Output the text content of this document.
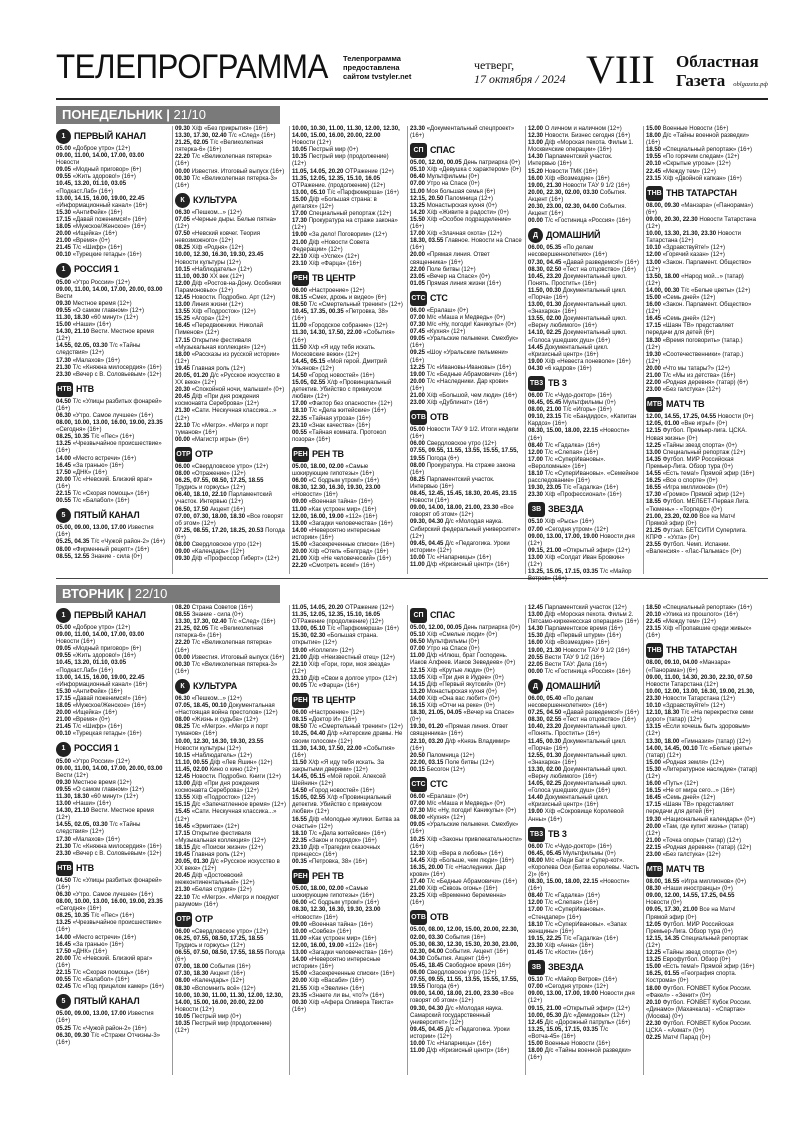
ТЕЛЕПРОГРАММА Телепрограмма предоставлена сайтом tvstyler.net
четверг,
17 октября / 2024 VIII Областная
Газета oblgazeta.рф
ПОНЕДЕЛЬНИК | 21/10
ВТОРНИК | 22/10
1 ПЕРВЫЙ КАНАЛ

05.00 «Доброе утро» (12+)

09.00, 11.00, 14.00, 17.00, 03.00 Новости

09.05 «Модный приговор» (6+)

09.55 «Жить здорово!» (16+)

10.45, 13.20, 01.10, 03.05 «Подкаст.Лаб» (16+)

13.00, 14.15, 16.00, 19.00, 22.45 «Информационный канал» (16+)

15.30 «АнтиФейк» (16+)

17.15 «Давай поженимся!» (16+)

18.05 «Мужское/Женское» (16+)

20.00 «Ищейка» (16+)

21.00 «Время» (0+)

21.45 Т/с «Шифр» (16+)

00.10 «Турецкие гетады» (16+)

1 РОССИЯ 1

05.00 «Утро России» (12+)

09.00, 11.00, 14.00, 17.00, 20.00, 03.00 Вести

09.30 Местное время (12+)

09.55 «О самом главном» (12+)

11.30, 18.30 «60 минут» (12+)

15.00 «Наши» (16+)

14.30, 21.10 Вести. Местное время (12+)

14.55, 02.05, 03.30 Т/с «Тайны следствия» (12+)

17.30 «Малахов» (16+)

21.30 Т/с «Княжна милосердия» (16+)

23.30 «Вечер с В. Соловьевым» (12+)

НТВ НТВ

04.50 Т/с «Улицы разбитых фонарей» (16+)

06.30 «Утро. Самое лучшее» (16+)

08.00, 10.00, 13.00, 16.00, 19.00, 23.35 «Сегодня» (16+)

08.25, 10.35 Т/с «Пес» (16+)

13.25 «Чрезвычайное происшествие» (16+)

14.00 «Место встречи» (16+)

16.45 «За гранью» (16+)

17.50 «ДНК» (16+)

20.00 Т/с «Невский. Близкий враг» (16+)

22.15 Т/с «Скорая помощь» (16+)

00.55 Т/с «Балабол» (16+)

5 ПЯТЫЙ КАНАЛ

05.00, 09.00, 13.00, 17.00 Известия (16+)

05.25, 04.35 Т/с «Чужой район-2» (16+)

08.00 «Фирменный рецепт» (16+)

08.55, 12.55 Знание - сила (0+)

09.30 Х/ф «Без прикрытия» (16+)

13.30, 17.30, 02.40 Т/с «След» (16+)

21.25, 02.05 Т/с «Великолепная пятерка-6» (16+)

22.20 Т/с «Великолепная пятерка» (16+)

00.00 Известия. Итоговый выпуск (16+)

00.30 Т/с «Великолепная пятерка-3» (16+)

К КУЛЬТУРА

06.30 «Пешком...» (12+)

07.05 «Черные дыры. Белые пятна» (12+)

07.50 «Невский ковчег. Теория невозможного» (12+)

08.25 Х/ф «Родня» (12+)

10.00, 12.30, 16.30, 19.30, 23.45 Новости культуры (12+)

10.15 «Наблюдатель» (12+)

11.10, 00.30 XX век (12+)

12.00 Д/ф «Ростов-на-Дону. Особняки Парамоновых» (12+)

12.45 Новости. Подробно. Арт (12+)

13.00 Линия жизни (12+)

13.55 Х/ф «Подросток» (12+)

15.25 «Агора» (12+)

16.45 «Передвижники. Николай Пименов» (12+)

17.15 Открытие фестиваля «Музыкальная коллекция» (12+)

18.00 «Рассказы из русской истории» (12+)

19.45 Главная роль (12+)

20.05, 01.20 Д/с «Русское искусство в XX веке» (12+)

20.30 «Спокойной ночи, малыши!» (0+)

20.45 Д/ф «При дня рождения космонавта Сереброва» (12+)

21.30 «Сати. Нескучная классика...» (12+)

22.10 Т/с «Мегрэ». «Мегрэ и порт туманов» (16+)

00.00 «Магистр игры» (6+)

ОТР ОТР

06.00 «Свердловское утро» (12+)

08.00 «Отражение» (12+)

06.25, 07.55, 08.50, 17.25, 18.55 Трудись и горжусь» (12+)

06.40, 18.10, 22.10 Парламентский участок. Интервью (12+)

06.50, 17.50 Акцент (16+)

07.00, 07.30, 18.00, 18.30 «Все говорят об этом» (12+)

07.25, 08.55, 17.20, 18.25, 20.53 Погода (6+)

08.00 Свердловское утро (12+)

09.00 «Календарь» (12+)

09.30 Д/ф «Профессор Гиберт» (12+)

10.00, 10.30, 11.00, 11.30, 12.00, 12.30, 14.00, 15.00, 16.00, 20.00, 22.00 Новости (12+)

10.05 Пестрый мир (0+)

10.35 Пестрый мир (продолжение) (12+)

11.05, 14.05, 20.20 ОТРажение (12+)

11.35, 12.05, 12.35, 15.10, 16.05 ОТРажение. (продолжение) (12+)

13.00, 05.10 Т/с «Парфюмерша» (16+)

15.00 Д/ф «Большая страна: в деталях» (12+)

17.00 Специальный репортаж (12+)

17.30 Прокуратура на страже закона» (12+)

19.00 «За дело! Поговорим» (12+)

21.00 Д/ф «Новости Совета Федерации» (12+)

22.10 Х/ф «Успех» (12+)

23.10 Х/ф «Фарца» (16+)

РЕН ТВ ЦЕНТР

06.00 «Настроение» (12+)

08.15 «Смех, дрожь и видео» (6+)

08.50 Т/с «Смертельный тренинг» (12+)

10.45, 17.35, 00.35 «Петровка, 38» (16+)

11.00 «Городское собрание» (12+)

11.30, 14.30, 17.50, 22.00 «События» (16+)

11.50 Х/ф «Я иду тебя искать. Московские вежи» (12+)

14.45, 05.15 «Мой герой. Дмитрий Ульянов» (12+)

14.50 «Город новостей» (16+)

15.05, 02.55 Х/ф «Провинциальный детектив. Убийство с привкусом любви» (12+)

17.00 «Фактор без опасности» (12+)

18.10 Т/с «Дела житейские» (16+)

22.35 «Тайная угроза» (16+)

23.10 «Знак качества» (16+)

00.55 «Тайная комната. Протокол позора» (16+)

РЕН РЕН ТВ

05.00, 18.00, 02.00 «Самые шокирующие гипотезы» (16+)

06.00 «С бодрым утром!» (16+)

08.30, 12.30, 16.30, 19.30, 23.00 «Новости» (16+)

09.00 «Военная тайна» (16+)

11.00 «Как устроен мир» (16+)

12.00, 16.00, 19.00 «112» (16+)

13.00 «Загадки человечества» (16+)

14.00 «Невероятно интересные истории» (16+)

15.00 «Засекреченные списки» (16+)

20.00 Х/ф «Отель «Белград» (16+)

21.00 Х/ф «Не человеческий» (16+)

22.20 «Смотреть всем!» (16+)

23.30 «Документальный спецпроект» (16+)

СП СПАС

05.00, 12.00, 00.05 День патриарха (0+)

05.10 Х/ф «Девушка с характером» (0+)

06.40 Мультфильмы (0+)

07.00 Утро на Спасе (0+)

11.00 Моя большая семья (6+)

12.15, 20.50 Паломница (12+)

13.25 Монастырская кухня (0+)

14.20 Х/ф «Живите в радости» (0+)

15.50 Х/ф «Особое подразделение» (16+)

17.00 Х/ф «Злачная охота» (12+)

18.30, 03.55 Главное. Новости на Спасе (16+)

20.00 «Прямая линия. Ответ священника» (16+)

22.00 Поле битвы (12+)

23.05 «Вечер на Спасе» (0+)

01.05 Прямая линия жизни (16+)

СТС СТС

06.00 «Ералаш» (0+)

07.00 М/с «Маша и Медведь» (0+)

07.30 М/с «Ну, погоди! Каникулы» (0+)

07.45 «Кухня» (12+)

09.05 «Уральские пельмени. Смехбук» (16+)

09.25 «Шоу «Уральские пельмени» (16+)

12.25 Т/с «Ивановы-Ивановы» (16+)

19.00 Т/с «Бедные Абрамовичи» (16+)

20.00 Т/с «Наследники. Дар крови» (16+)

21.00 Х/ф «Большой, чем люди» (16+)

23.00 Х/ф «Дублинат» (16+)

ОТВ ОТВ

05.00 Новости ТАУ 9 1/2. Итоги недели (16+)

06.00 Свердловское утро (12+)

07.55, 09.55, 11.55, 13.55, 15.55, 17.55, 19.55 Погода (6+)

08.00 Прокуратура. На страже закона (16+)

08.25 Парламентский участок. Интервью (16+)

08.45, 12.45, 15.45, 18.30, 20.45, 23.15 Новости (16+)

09.00, 14.00, 18.00, 21.00, 23.30 «Все говорят об этом» (12+)

09.30, 04.30 Д/с «Молодая наука. Сибирский федеральный университет» (12+)

09.45, 04.45 Д/с «Педагогика. Уроки истории» (12+)

10.00 Т/с «Напарницы» (16+)

11.00 Д/ф «Кризисный центр» (16+)

12.00 О личном и наличном (12+)

12.30 Новости. Бизнес сегодня (16+)

13.00 Д/ф «Морская пехота. Фильм 1. Москвичские операции» (16+)

14.30 Парламентский участок. Интервью (16+)

15.20 Новости ТМК (16+)

16.00 Х/ф «Возмездие» (16+)

19.00, 21.30 Новости ТАУ 9 1/2 (16+)

20.00, 22.30, 02.00, 03.30 События. Акцент (16+)

20.30, 23.00, 02.30, 04.00 События. Акцент (16+)

00.00 Т/с «Гостиница «Россия» (16+)

Д ДОМАШНИЙ

06.00, 05.35 «По делам несовершеннолетних» (16+)

07.30, 04.45 «Давай разведемся!» (16+)

08.30, 02.50 «Тест на отцовство» (16+)

10.45, 23.20 Документальный цикл. Понять. Простить» (16+)

11.50, 00.30 Документальный цикл. «Порча» (16+)

13.00, 01.30 Документальный цикл. «Знахарка» (16+)

13.55, 02.00 Документальный цикл. «Верну любимого» (16+)

14.10, 02.25 Документальный цикл. «Голоса ушедших душ» (16+)

14.45 Документальный цикл. «Кризисный центр» (16+)

19.00 Х/ф «Невеста поневоле» (16+)

04.30 «6 кадров» (16+)

ТВ3 ТВ 3

06.00 Т/с «Чудо-доктор» (16+)

06.45, 05.45 Мультфильмы (0+)

08.00, 21.00 Т/с «Игорь» (16+)

09.10, 23.15 Т/с «Бандидос», «Капитан Кардоз» (16+)

08.30, 15.00, 18.00, 22.15 «Новости» (16+)

08.40 Т/с «Гадалка» (16+)

12.00 Т/с «Слепая» (16+)

17.00 Т/с «СуперИвановы». «Вероломные» (16+)

18.10 Т/с «СуперИвановы». «Семейное расследование» (16+)

19.30, 23.05 Т/с «Гадалка» (16+)

23.30 Х/ф «Профессионал» (16+)

ЗВ ЗВЕЗДА

05.10 Х/ф «Рысь» (16+)

07.00 «Сегодня утром» (12+)

09.00, 13.00, 17.00, 19.00 Новости дня (12+)

09.15, 21.00 «Открытый эфир» (12+)

13.00 Х/ф «Солдат Иван Бровкин» (12+)

13.25, 15.05, 17.15, 03.35 Т/с «Майор Ветров» (16+)

15.00 Военные Новости (16+)

18.00 Д/с «Тайны военной разведки» (16+)

18.50 «Специальный репортаж» (16+)

19.55 «По горячим следам» (12+)

20.10 «Скрытые угрозы» (12+)

22.45 «Между тем» (12+)

23.15 Х/ф «Двойной капкан» (16+)

ТНВ ТНВ ТАТАРСТАН

08.00, 09.30 «Манзара» («Панорама») (6+)

09.00, 20.30, 22.30 Новости Татарстана (12+)

10.00, 13.30, 21.30, 23.30 Новости Татарстана (12+)

10.10 «Здравствуйте!» (12+)

12.00 «Горячий казан» (12+)

13.00 «Закон. Парламент. Общество» (12+)

13.50, 18.00 «Народ мой...» (татар) (12+)

14.00, 00.30 Т/с «Белые цветы» (12+)

15.00 «Семь дней» (12+)

16.00 «Закон. Парламент. Общество» (12+)

16.45 «Семь дней» (12+)

17.15 «Шаян ТВ» представляет передачи для детей (6+)

18.30 «Время поговорить» (татар.) (12+)

19.30 «Соотечественники» (татар.) (12+)

20.00 «Что мы татары?» (12+)

21.00 Т/с «Мы из детства» (16+)

22.00 «Родная деревня» (татар) (6+)

23.00 «Без галстука» (12+)

МТВ МАТЧ ТВ

12.00, 14.55, 17.25, 04.55 Новости (0+)

12.05, 01.00 «Вне игры!» (0+)

12.15 Футбол. Премьер-лига. ЦСКА. Новая жизнь» (0+)

12.25 «Тайны звезд спорта» (0+)

13.00 Специальный репортаж (12+)

14.35 Футбол. МИР Российская Премьер-Лига. Обзор тура (0+)

14.55 «Есть тема!» Прямой эфир (16+)

16.25 «Все о спорте» (0+)

16.55 «Игра миллионов» (0+)

17.30 «Громко» Прямой эфир (12+)

18.55 Футбол. МЕЛБЕТ-Первая Лига. «Тюмень» - «Торпедо» (0+)

21.00, 23.20, 02.00 Все на Матч! Прямой эфир (0+)

21.25 Футзал. БЕТСИТИ Суперлига. КПРФ - «Ухта» (0+)

23.55 Футбол. Чемп. Испании. «Валенсия» - «Лас-Пальмас» (0+)

1 ПЕРВЫЙ КАНАЛ

05.00 «Доброе утро» (12+)

09.00, 11.00, 14.00, 17.00, 03.00 Новости (16+)

09.05 «Модный приговор» (6+)

09.55 «Жить здорово!» (16+)

10.45, 13.20, 01.10, 03.05 «Подкаст.Лаб» (16+)

13.00, 14.15, 16.00, 19.00, 22.45 «Информационный канал» (16+)

15.30 «АнтиФейк» (16+)

17.15 «Давай поженимся!» (16+)

18.05 «Мужское/Женское» (16+)

20.00 «Ищейка» (16+)

21.00 «Время» (0+)

21.45 Т/с «Шифр» (16+)

00.10 «Турецкая гетады» (16+)

1 РОССИЯ 1

05.00 «Утро России» (12+)

09.00, 11.00, 14.00, 17.00, 20.00, 03.00 Вести (12+)

09.30 Местное время (12+)

09.55 «О самом главном» (12+)

11.30, 18.30 «60 минут» (12+)

13.00 «Наши» (16+)

14.30, 21.10 Вести. Местное время (12+)

14.55, 02.05, 03.30 Т/с «Тайны следствия» (12+)

17.30 «Малахов» (16+)

21.30 Т/с «Княжна милосердия» (16+)

23.30 «Вечер с В. Соловьевым» (12+)

НТВ НТВ

04.50 Т/с «Улицы разбитых фонарей» (16+)

06.30 «Утро. Самое лучшее» (16+)

08.00, 10.00, 13.00, 16.00, 19.00, 23.35 «Сегодня» (16+)

08.25, 10.35 Т/с «Пес» (16+)

13.25 «Чрезвычайное происшествие» (16+)

14.00 «Место встречи» (16+)

16.45 «За гранью» (16+)

17.50 «ДНК» (16+)

20.00 Т/с «Невский. Близкий враг» (16+)

22.15 Т/с «Скорая помощь» (16+)

00.55 Т/с «Балабол» (16+)

02.45 Т/с «Под прицелом камер» (16+)

5 ПЯТЫЙ КАНАЛ

05.00, 09.00, 13.00, 17.00 Известия (16+)

05.25 Т/с «Чужой район-2» (16+)

06.30, 09.30 Т/с «Стражи Отчизны-3» (16+)

08.20 Страна Советов (16+)

08.55 Знание - сила (0+)

13.30, 17.30, 02.40 Т/с «След» (16+)

21.25, 02.05 Т/с «Великолепная пятерка-6» (16+)

22.20 Т/с «Великолепная пятерка» (16+)

00.00 Известия. Итоговый выпуск (16+)

00.30 Т/с «Великолепная пятерка-3» (16+)

К КУЛЬТУРА

06.30 «Пешком...» (12+)

07.05, 18.45, 00.10 Документальная «Настоящая война престолов» (12+)

08.00 «Жизнь и судьба» (12+)

08.25 Т/с «Мегрэ». «Мегрэ и порт туманов» (16+)

10.00, 12.30, 16.30, 19.30, 23.55 Новости культуры (12+)

10.15 «Наблюдатель» (12+)

11.10, 00.55 Д/ф «Лев Яшин» (12+)

11.45, 02.00 Кино о кино (12+)

12.45 Новости. Подробно. Книги (12+)

13.00 Д/ф «При дня рождения космонавта Сереброва» (12+)

13.55 Х/ф «Подросток» (12+)

15.15 Д/с «Запечатленное время» (12+)

15.45 «Сати. Нескучная классика...» (12+)

16.45 «Эрмитаж» (12+)

17.15 Открытие фестиваля «Музыкальная коллекция» (12+)

18.15 Д/с «Поиски жизни» (12+)

19.45 Главная роль (12+)

20.05, 01.30 Д/с «Русское искусство в XX веке» (12+)

20.45 Д/ф «Достоевский межконтинентальный» (12+)

21.30 «Белая студия» (12+)

22.10 Т/с «Мегрэ». «Мегрэ и поедуют разумом» (16+)

ОТР ОТР

06.00 «Свердловское утро» (12+)

06.25, 07.55, 08.50, 17.25, 18.55 Трудись и горжусь» (12+)

06.55, 07.50, 08.50, 17.55, 18.55 Погода (6+)

07.00, 18.00 События (16+)

07.30, 18.30 Акцент (16+)

08.00 «Календарь» (12+)

08.30 «Вспомнить всё» (12+)

10.00, 10.30, 11.00, 11.30, 12.00, 12.30, 14.00, 15.00, 16.00, 20.00, 22.00 Новости (12+)

10.05 Пестрый мир (0+)

10.35 Пестрый мир (продолжение) (12+)

11.05, 14.05, 20.20 ОТРажение (12+)

11.35, 12.05, 12.35, 15.10, 16.05 ОТРажение (продолжение) (12+)

13.00, 05.10 Т/с «Парфюмерша» (16+)

15.30, 02.30 «Большая страна. открытие» (12+)

19.00 «Коллеги» (12+)

21.00 Д/ф «Неизвестный отец» (12+)

22.10 Х/ф «Гори, гори, моя звезда» (12+)

23.10 Д/ф «Свои в долгое утро» (12+)

00.05 Т/с «Фарца» (16+)

РЕН ТВ ЦЕНТР

06.00 «Настроение» (12+)

08.15 «Доктор И» (16+)

08.50 Т/с «Смертельный тренинг» (12+)

10.25, 04.40 Д/ф «Актерские драмы. Не своим голосом» (12+)

11.30, 14.30, 17.50, 22.00 «События» (16+)

11.50 Х/ф «Я иду тебя искать. За закрытыми дверями» (12+)

14.45, 05.15 «Мой герой. Алексей Шейнин» (12+)

14.50 «Город новостей» (16+)

15.05, 02.55 Х/ф «Провинциальный детектив. Убийство с привкусом любви» (12+)

16.55 Д/ф «Молодые жулики. Битва за счастье» (12+)

18.10 Т/с «Дела житейские» (16+)

22.35 «Закон и порядок» (16+)

23.10 Д/ф «Трагедии сказочных принцесс» (16+)

00.35 «Петровка, 38» (16+)

РЕН РЕН ТВ

05.00, 18.00, 02.00 «Самые шокирующие гипотезы» (16+)

06.00 «С бодрым утром!» (16+)

08.30, 12.30, 16.30, 19.30, 23.00 «Новости» (16+)

09.00 «Военная тайна» (16+)

10.00 «Совбез» (16+)

11.00 «Как устроен мир» (16+)

12.00, 16.00, 19.00 «112» (16+)

13.00 «Загадки человечества» (16+)

14.00 «Невероятно интересные истории» (16+)

15.00 «Засекреченные списки» (16+)

20.00 Х/ф «Васаби» (16+)

21.55 Х/ф «Эвелин» (16+)

23.35 «Знаете ли вы, что?» (16+)

00.30 Х/ф «Афера Оливера Твиста» (16+)

СП СПАС

05.00, 12.00, 00.05 День патриарха (0+)

05.10 Х/ф «Смелые люди» (0+)

06.50 Мультфильмы (0+)

07.00 Утро на Спасе (0+)

11.00 Д/ф «Илюш, брат Господень. Иаков Алфеев. Иаков Зеведеев» (0+)

12.15 Х/ф «Крутые люди» (0+)

13.05 Х/ф «Три дня в Иудее» (0+)

14.15 Д/ф «Первый якутский» (0+)

13.20 Монастырская кухня (0+)

14.00 Х/ф «Она вас любит» (0+)

16.15 Х/ф «Отчи на реке» (0+)

18.30, 21.05, 04.05 «Вечер на Спасе» (0+)

19.30, 01.20 «Прямая линия. Ответ священника» (16+)

22.10, 03.20 Д/ф «Князь Владимир» (16+)

20.50 Паломница (12+)

22.00, 03.15 Поле битвы (12+)

00.15 Бесогон (12+)

СТС СТС

06.00 «Ералаш» (0+)

07.00 М/с «Маша и Медведь» (0+)

07.30 М/с «Ну, погоди! Каникулы» (0+)

08.00 «Кухня» (12+)

09.05 «Уральские пельмени. Смехбук» (16+)

10.25 Х/ф «Законы привлекательности» (16+)

12.30 Х/ф «Вера в любовь» (16+)

14.45 Х/ф «Больше, чем люди» (16+)

16.35, 20.00 Т/с «Наследники. Дар крови» (16+)

17.40 Т/с «Бедные Абрамовичи» (16+)

21.00 Х/ф «Сквозь огонь» (16+)

23.25 Х/ф «Временно беременна» (16+)

ОТВ ОТВ

05.00, 08.00, 12.00, 15.00, 20.00, 22.30, 02.00, 03.30 События (16+)

05.30, 08.30, 12.30, 15.30, 20.30, 23.00, 02.30, 04.00 События. Акцент (16+)

04.30 События. Акцент (16+)

05.45, 18.45 Свободное время (16+)

06.00 Свердловское утро (12+)

07.55, 09.55, 11.55, 13.55, 15.55, 17.55, 19.55 Погода (6+)

09.00, 14.00, 18.00, 21.00, 23.30 «Все говорят об этом» (12+)

09.30, 04.30 Д/с «Молодая наука. Самарский государственный университет» (12+)

09.45, 04.45 Д/с «Педагогика. Уроки истории» (12+)

10.00 Т/с «Напарницы» (16+)

11.00 Д/ф «Кризисный центр» (16+)

12.45 Парламентский участок (12+)

13.00 Д/ф «Морская пехота. Фильм 2. Пятсамо-киркенесская операция» (16+)

14.30 Парламентское время (16+)

15.30 Д/ф «Первый штурм» (16+)

16.00 Х/ф «Возмездие» (16+)

19.00, 21.30 Новости ТАУ 9 1/2 (16+)

20.55 Вести ТАУ 9 1/2 (16+)

22.05 Вести ТАУ: Дела (16+)

00.00 Т/с «Гостиница «Россия» (16+)

Д ДОМАШНИЙ

06.00, 05.40 «По делам несовершеннолетних» (16+)

07.25, 04.50 «Давай разведемся!» (16+)

08.30, 02.55 «Тест на отцовство» (16+)

10.40, 23.20 Документальный цикл. «Понять. Простить» (16+)

11.45, 00.30 Документальный цикл. «Порча» (16+)

12.55, 01.30 Документальный цикл. «Знахарка» (16+)

13.30, 02.00 Документальный цикл. «Верну любимого» (16+)

14.05, 02.25 Документальный цикл. «Голоса ушедших душ» (16+)

14.40 Документальный цикл. «Кризисный центр» (16+)

19.00 Х/ф «Сокровище Королевой Анны» (16+)

ТВ3 ТВ 3

06.00 Т/с «Чудо-доктор» (16+)

06.45, 05.45 Мультфильмы (0+)

08.00 М/с «Леди Баг и Супер-кот». «Королева Оси (Битва королевы. Часть 2)» (6+)

08.30, 15.00, 18.00, 22.15 «Новости» (16+)

08.40 Т/с «Гадалка» (16+)

12.00 Т/с «Слепая» (16+)

17.00 Т/с «СуперИвановы». «Стендапер» (16+)

18.10 Т/с «СуперИвановы». «Запах женщины» (16+)

19.15, 22.25 Т/с «Гадалка» (16+)

23.30 Х/ф «Анна» (16+)

01.45 Т/с «Кости» (16+)

ЗВ ЗВЕЗДА

05.10 Т/с «Майор Ветров» (16+)

07.00 «Сегодня утром» (12+)

09.00, 13.00, 17.00, 19.00 Новости дня (12+)

09.15, 21.00 «Открытый эфир» (12+)

10.00, 05.30 Д/с «Демидовы» (12+)

12.45 Д/с «Дорожный патруль» (16+)

13.25, 15.05, 17.15, 03.35 Т/с «Вотча-45» (16+)

15.00 Военные Новости (16+)

18.00 Д/с «Тайны военной разведки» (16+)

18.50 «Специальный репортаж» (16+)

20.10 «Улика из прошлого» (16+)

22.45 «Между тем» (12+)

23.15 Х/ф «Пропавшие среди живых» (16+)

ТНВ ТНВ ТАТАРСТАН

08.00, 09.10, 04.00 «Манзара» («Панорама») (6+)

09.00, 11.00, 14.30, 20.30, 22.30, 07.50 Новости Татарстана (12+)

10.00, 12.00, 13.00, 16.30, 19.00, 21.30, 23.30 Новости Татарстана (12+)

10.10 «Здравствуйте!» (12+)

12.10, 18.30 Т/с «На перекрестке семи дорог» (татар) (12+)

13.15 «Если хочешь быть здоровым» (12+)

13.30, 18.00 «Гимназия» (татар) (12+)

14.00, 14.45, 00.10 Т/с «Белые цветы» (татар) (12+)

15.00 «Родная земля» (12+)

15.30 «Литературное наследие» (татар) (12+)

16.00 «Путь» (12+)

16.15 «Не от мира сего...» (16+)

16.45 «Семь дней» (12+)

17.15 «Шаян ТВ» представляет передачи для детей (6+)

19.30 «Национальный календарь» (0+)

20.00 «Там, где купит жизнь» (татар) (12+)

21.00 «Точка опоры» (татар) (12+)

22.15 «Родная деревня» (татар) (12+)

23.00 «Без галстука» (12+)

МТВ МАТЧ ТВ

08.00, 16.55 «Игра миллионов» (0+)

08.30 «Наши иностранцы» (0+)

09.00, 12.00, 14.55, 17.25, 04.55 Новости (0+)

09.05, 17.30, 21.00 Все на Матч! Прямой эфир (0+)

12.05 Футбол. МИР Российская Премьер-Лига. Обзор тура (0+)

12.15, 14.35 Специальный репортаж (12+)

12.25 «Тайны звезд спорта» (0+)

13.25 Еврофутбол. Обзор (0+)

15.00 «Есть тема!» Прямой эфир (16+)

16.25, 01.55 «География спорта. Кострома» (0+)

18.00 Футбол. FONBET Кубок России. «Факел» - «Зенит» (0+)

20.10 Футбол. FONBET Кубок России. «Динамо» (Махачкала) - «Спартак» (Москва) (0+)

22.30 Футбол. FONBET Кубок России. ЦСКА - «Ахмат» (0+)

02.25 Матч! Парад (0+)
